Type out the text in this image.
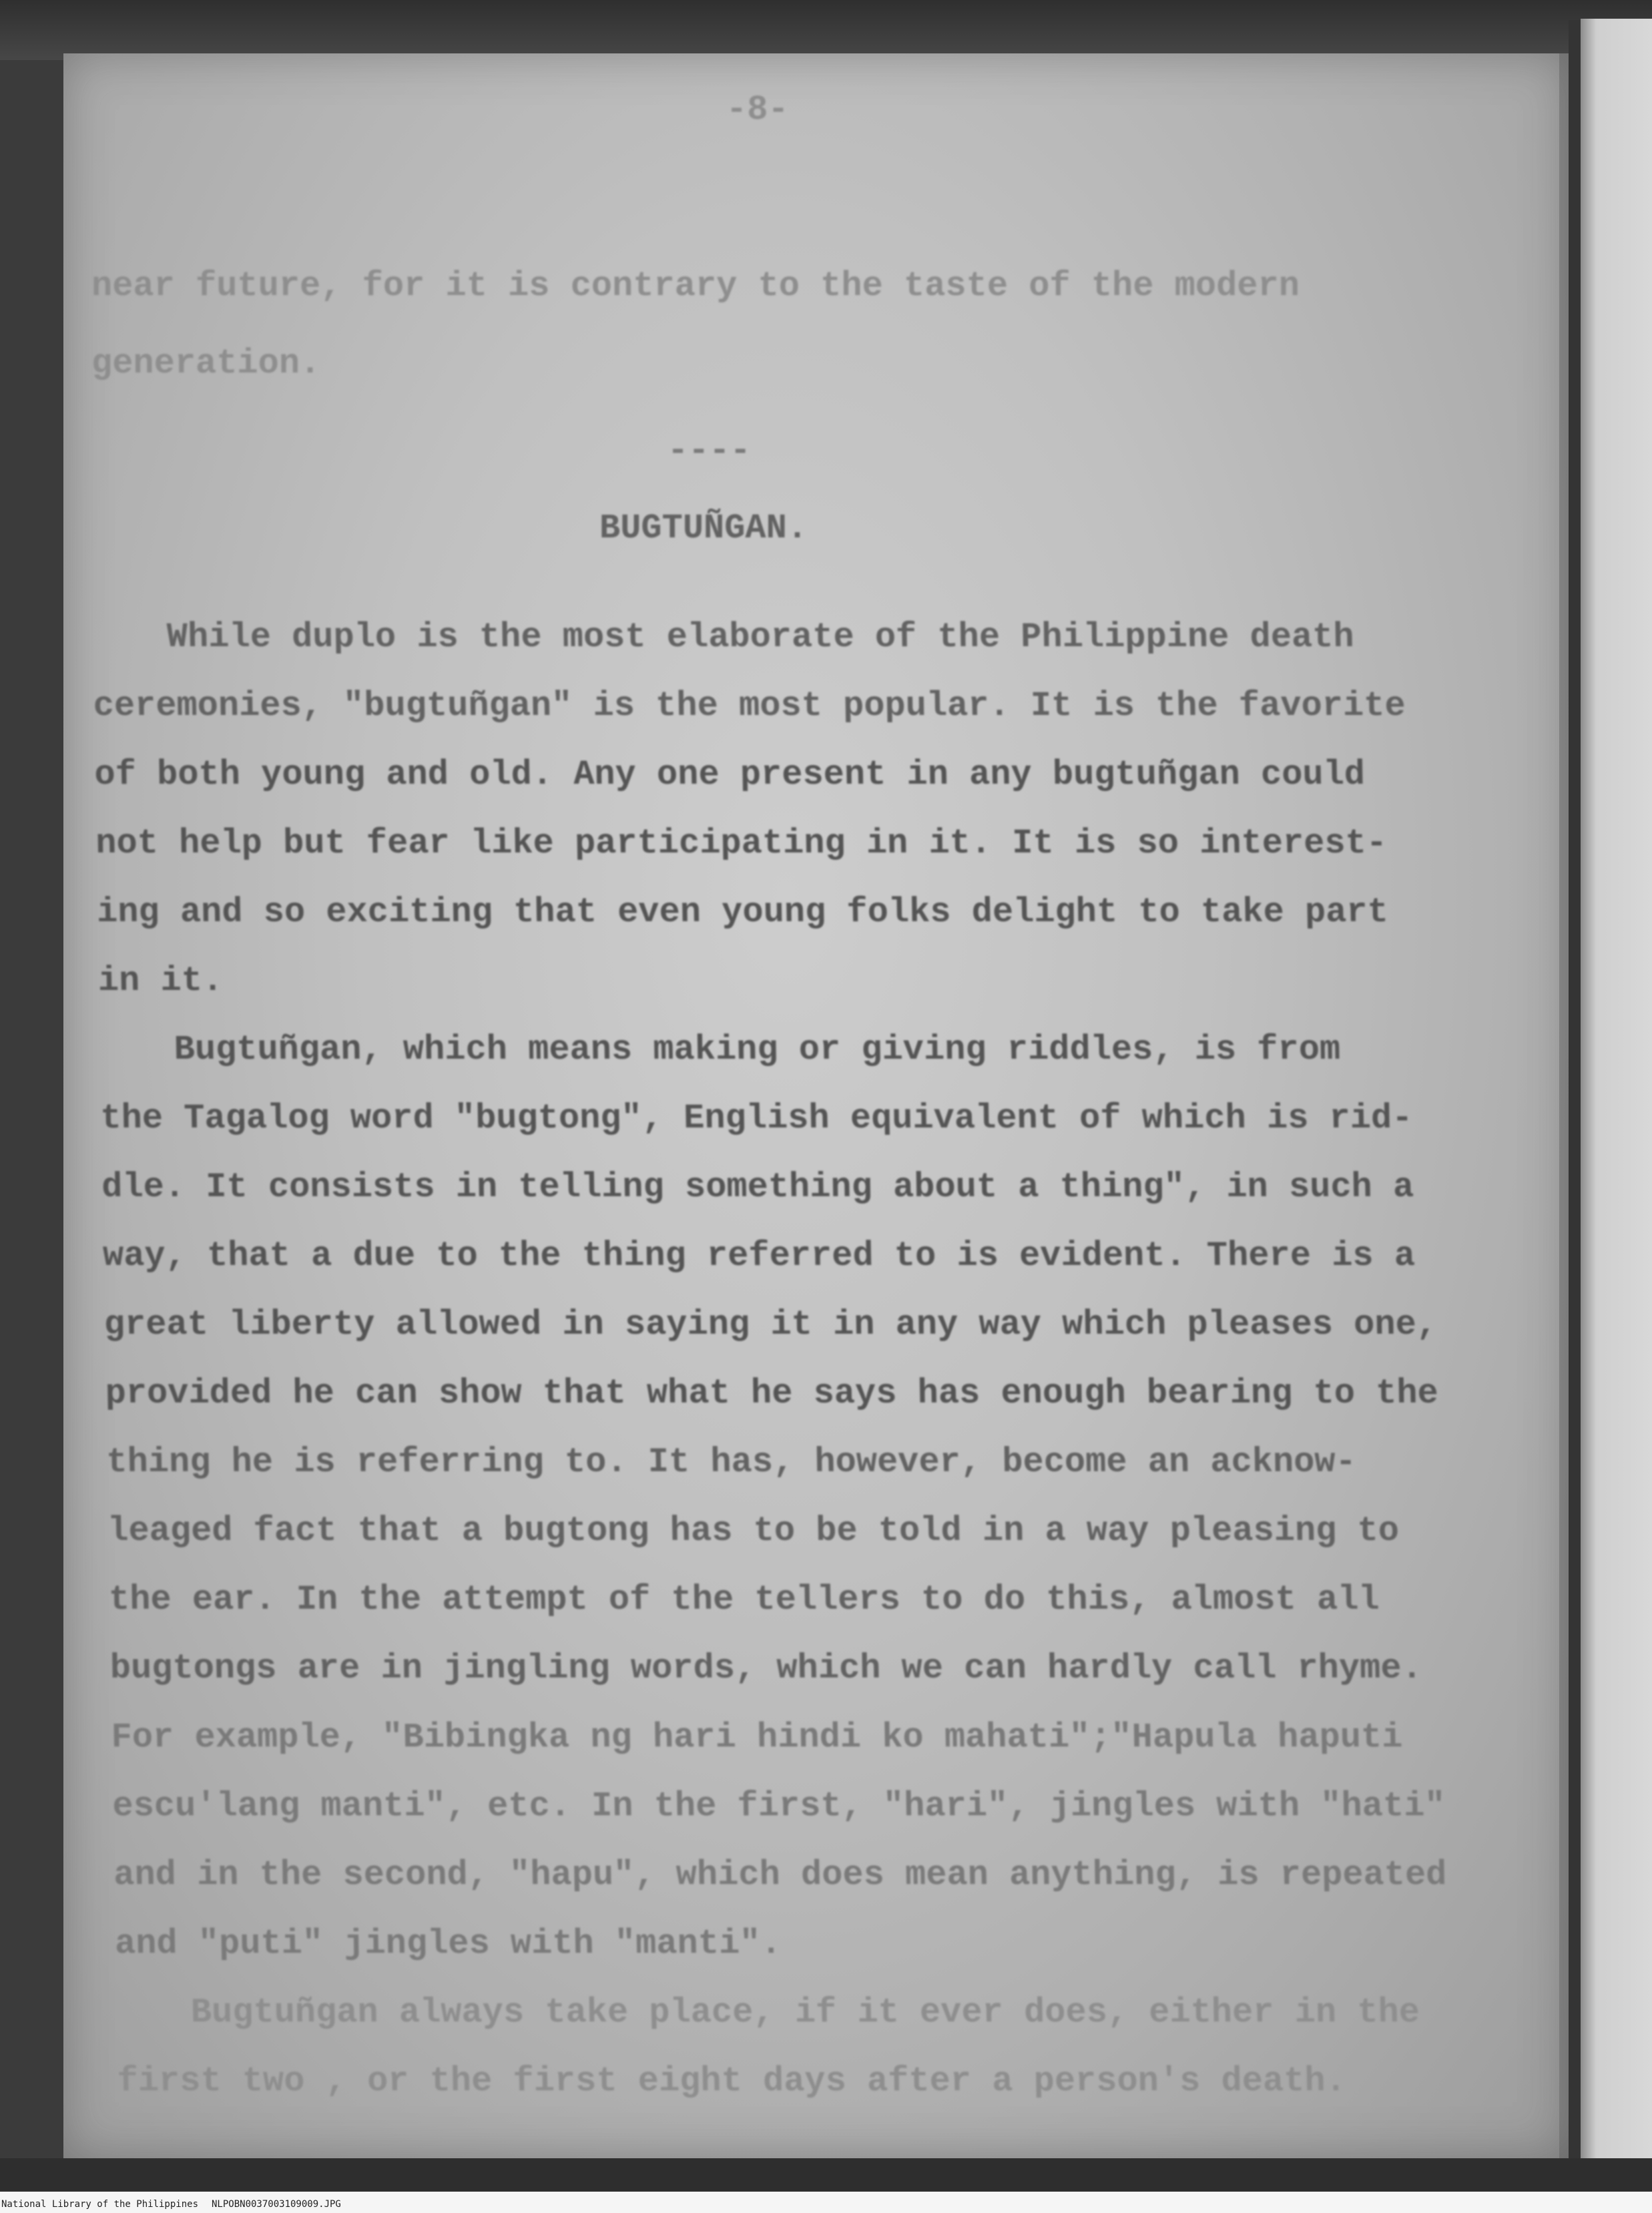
-8-
near future, for it is contrary to the taste of the modern
generation.
----
BUGTUÑGAN.
While duplo is the most elaborate of the Philippine death
ceremonies, "bugtuñgan" is the most popular. It is the favorite
of both young and old. Any one present in any bugtuñgan could
not help but fear like participating in it. It is so interest-
ing and so exciting that even young folks delight to take part
in it.
Bugtuñgan, which means making or giving riddles, is from
the Tagalog word "bugtong", English equivalent of which is rid-
dle. It consists in telling something about a thing", in such a
way, that a due to the thing referred to is evident. There is a
great liberty allowed in saying it in any way which pleases one,
provided he can show that what he says has enough bearing to the
thing he is referring to. It has, however, become an acknow-
leaged fact that a bugtong has to be told in a way pleasing to
the ear. In the attempt of the tellers to do this, almost all
bugtongs are in jingling words, which we can hardly call rhyme.
For example, "Bibingka ng hari hindi ko mahati";"Hapula haputi
escu'lang manti", etc. In the first, "hari", jingles with "hati"
and in the second, "hapu", which does mean anything, is repeated
and "puti" jingles with "manti".
Bugtuñgan always take place, if it ever does, either in the
first two , or the first eight days after a person's death.
National Library of the Philippines NLPOBN0037003109009.JPG
